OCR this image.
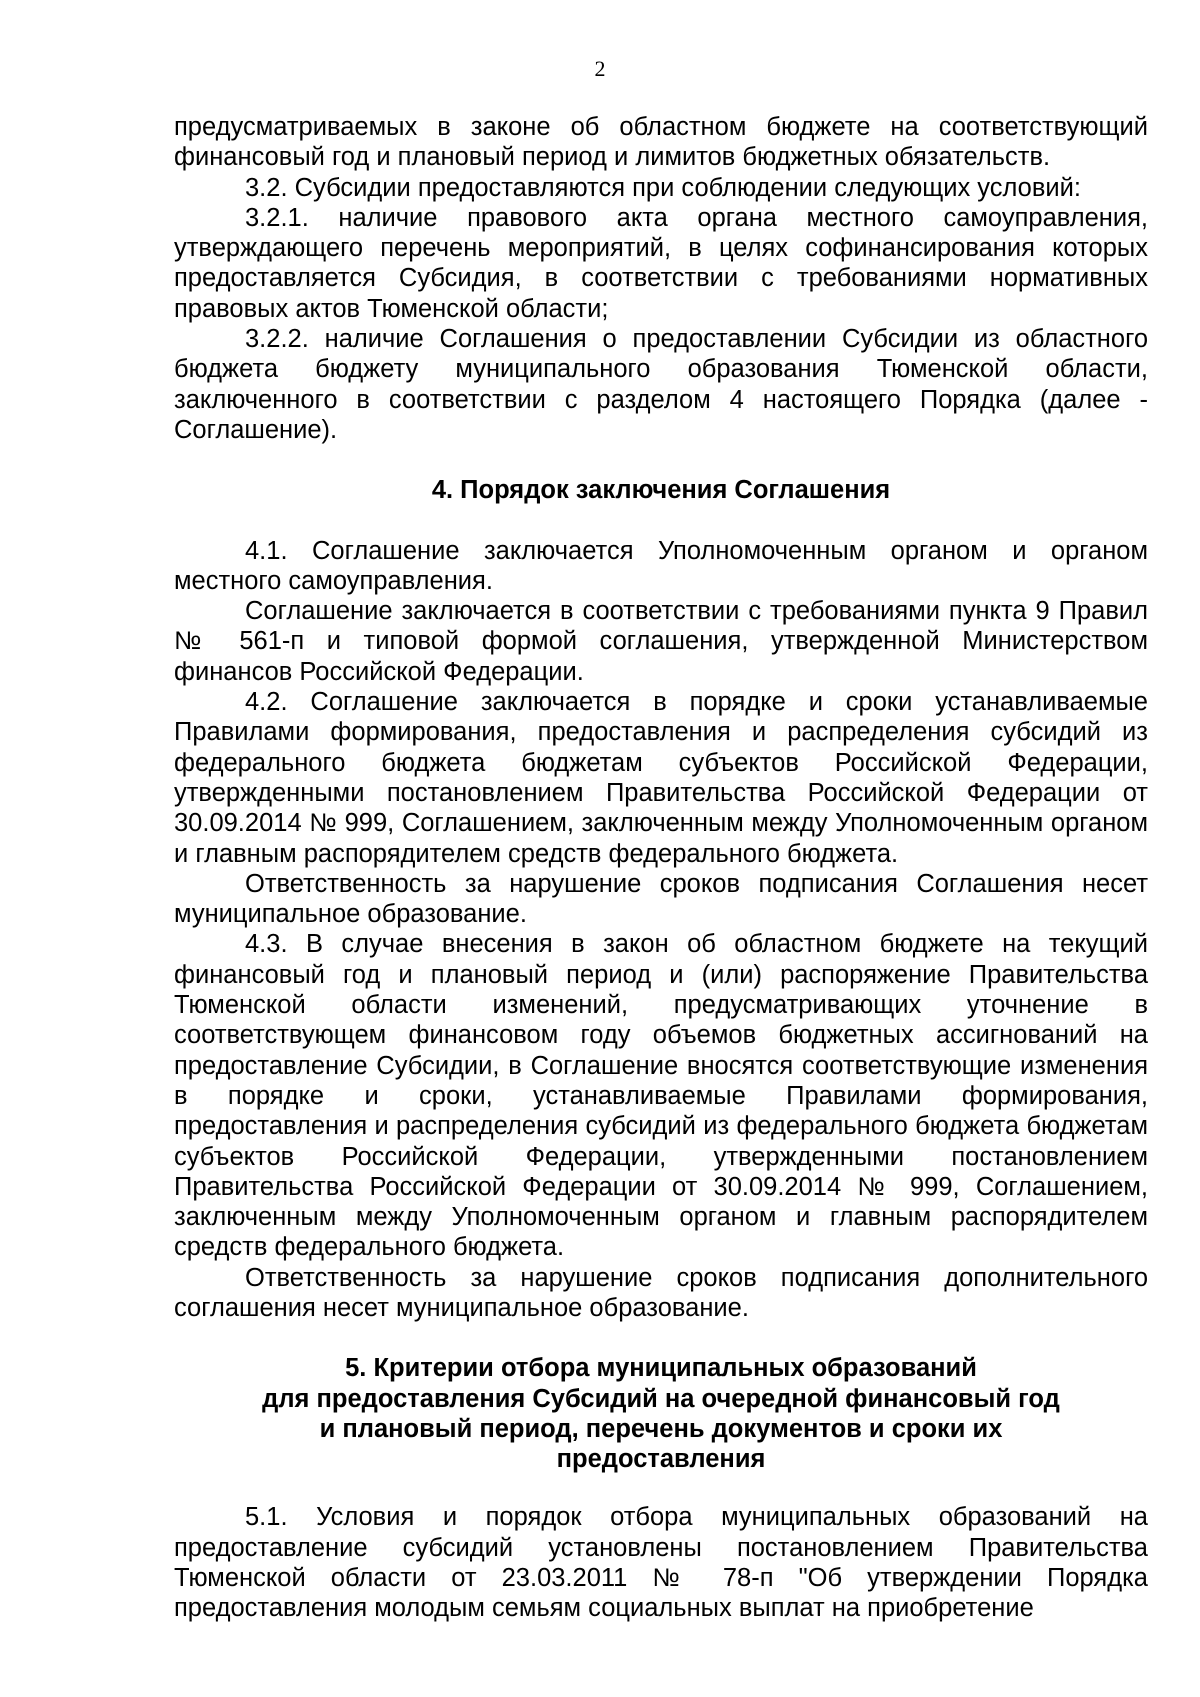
2

предусматриваемых в законе об областном бюджете на соответствующий финансовый год и плановый период и лимитов бюджетных обязательств.

3.2. Субсидии предоставляются при соблюдении следующих условий:

3.2.1. наличие правового акта органа местного самоуправления, утверждающего перечень мероприятий, в целях софинансирования которых предоставляется Субсидия, в соответствии с требованиями нормативных правовых актов Тюменской области;

3.2.2. наличие Соглашения о предоставлении Субсидии из областного бюджета бюджету муниципального образования Тюменской области, заключенного в соответствии с разделом 4 настоящего Порядка (далее - Соглашение).

4. Порядок заключения Соглашения

4.1. Соглашение заключается Уполномоченным органом и органом местного самоуправления.

Соглашение заключается в соответствии с требованиями пункта 9 Правил № 561-п и типовой формой соглашения, утвержденной Министерством финансов Российской Федерации.

4.2. Соглашение заключается в порядке и сроки устанавливаемые Правилами формирования, предоставления и распределения субсидий из федерального бюджета бюджетам субъектов Российской Федерации, утвержденными постановлением Правительства Российской Федерации от 30.09.2014 № 999, Соглашением, заключенным между Уполномоченным органом и главным распорядителем средств федерального бюджета.

Ответственность за нарушение сроков подписания Соглашения несет муниципальное образование.

4.3. В случае внесения в закон об областном бюджете на текущий финансовый год и плановый период и (или) распоряжение Правительства Тюменской области изменений, предусматривающих уточнение в соответствующем финансовом году объемов бюджетных ассигнований на предоставление Субсидии, в Соглашение вносятся соответствующие изменения в порядке и сроки, устанавливаемые Правилами формирования, предоставления и распределения субсидий из федерального бюджета бюджетам субъектов Российской Федерации, утвержденными постановлением Правительства Российской Федерации от 30.09.2014 № 999, Соглашением, заключенным между Уполномоченным органом и главным распорядителем средств федерального бюджета.

Ответственность за нарушение сроков подписания дополнительного соглашения несет муниципальное образование.

5. Критерии отбора муниципальных образований
для предоставления Субсидий на очередной финансовый год
и плановый период, перечень документов и сроки их
предоставления

5.1. Условия и порядок отбора муниципальных образований на предоставление субсидий установлены постановлением Правительства Тюменской области от 23.03.2011 № 78-п "Об утверждении Порядка предоставления молодым семьям социальных выплат на приобретение
